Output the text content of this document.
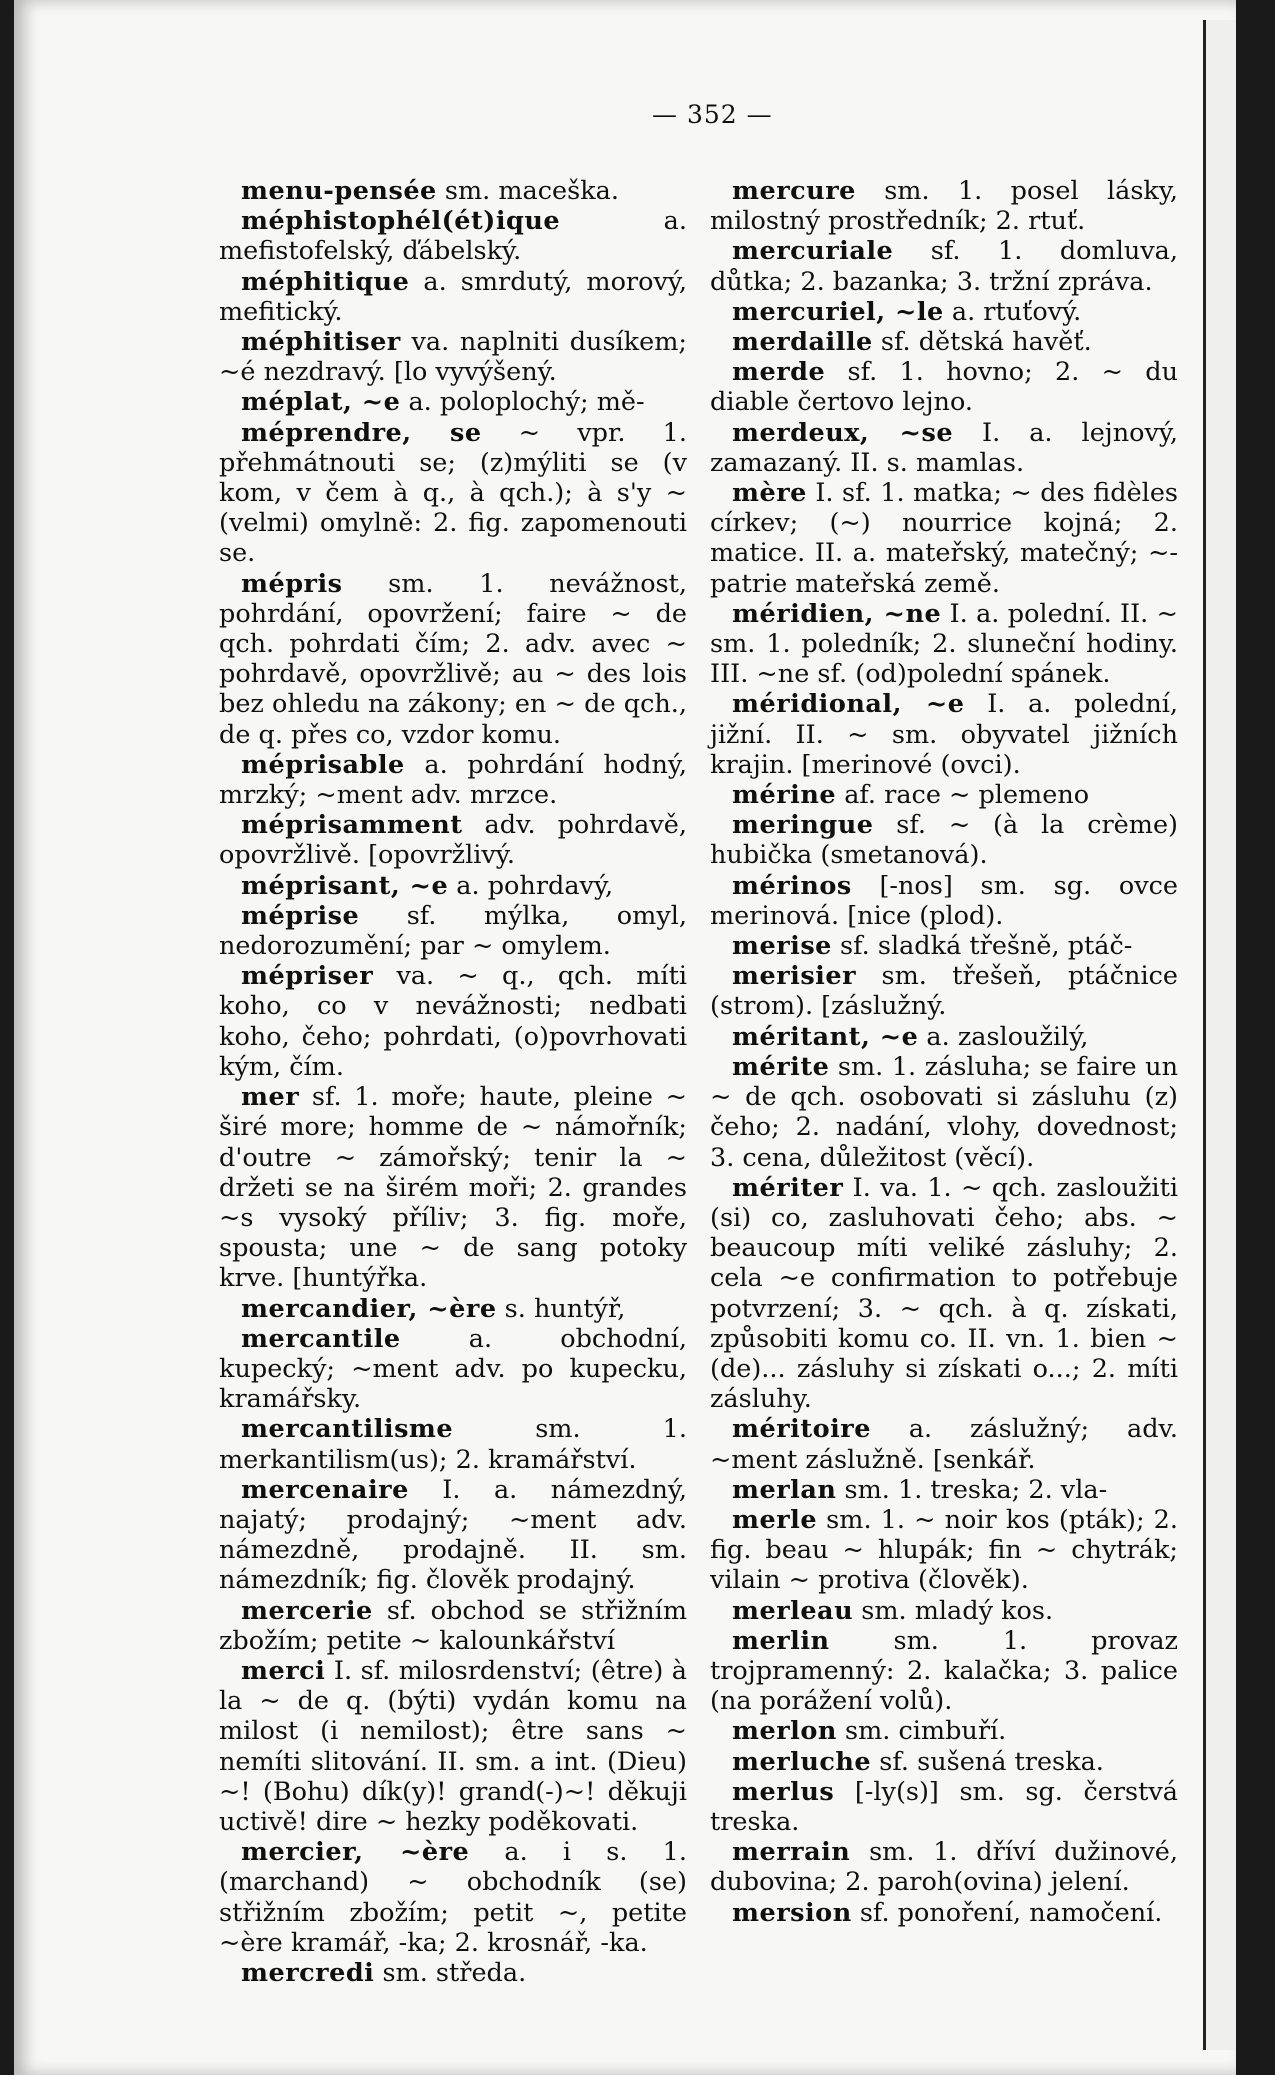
— 352 —

menu-pensée sm. maceška.

méphistophél(ét)ique a. mefistofelský, ďábelský.

méphitique a. smrdutý, morový, mefitický.

méphitiser va. naplniti dusíkem; ~é nezdravý. [lo vyvýšený.

méplat, ~e a. poloplochý; mě-

méprendre, se ~ vpr. 1. přehmátnouti se; (z)mýliti se (v kom, v čem à q., à qch.); à s'y ~ (velmi) omylně: 2. fig. zapomenouti se.

mépris sm. 1. nevážnost, pohrdání, opovržení; faire ~ de qch. pohrdati čím; 2. adv. avec ~ pohrdavě, opovržlivě; au ~ des lois bez ohledu na zákony; en ~ de qch., de q. přes co, vzdor komu.

méprisable a. pohrdání hodný, mrzký; ~ment adv. mrzce.

méprisamment adv. pohrdavě, opovržlivě. [opovržlivý.

méprisant, ~e a. pohrdavý,

méprise sf. mýlka, omyl, nedorozumění; par ~ omylem.

mépriser va. ~ q., qch. míti koho, co v nevážnosti; nedbati koho, čeho; pohrdati, (o)povrhovati kým, čím.

mer sf. 1. moře; haute, pleine ~ širé more; homme de ~ námořník; d'outre ~ zámořský; tenir la ~ držeti se na širém moři; 2. grandes ~s vysoký příliv; 3. fig. moře, spousta; une ~ de sang potoky krve. [huntýřka.

mercandier, ~ère s. huntýř,

mercantile a. obchodní, kupecký; ~ment adv. po kupecku, kramářsky.

mercantilisme sm. 1. merkantilism(us); 2. kramářství.

mercenaire I. a. námezdný, najatý; prodajný; ~ment adv. námezdně, prodajně. II. sm. námezdník; fig. člověk prodajný.

mercerie sf. obchod se střižním zbožím; petite ~ kalounkářství

merci I. sf. milosrdenství; (être) à la ~ de q. (býti) vydán komu na milost (i nemilost); être sans ~ nemíti slitování. II. sm. a int. (Dieu) ~! (Bohu) dík(y)! grand(-)~! děkuji uctivě! dire ~ hezky poděkovati.

mercier, ~ère a. i s. 1. (marchand) ~ obchodník (se) střižním zbožím; petit ~, petite ~ère kramář, -ka; 2. krosnář, -ka.

mercredi sm. středa.

mercure sm. 1. posel lásky, milostný prostředník; 2. rtuť.

mercuriale sf. 1. domluva, důtka; 2. bazanka; 3. tržní zpráva.

mercuriel, ~le a. rtuťový.

merdaille sf. dětská havěť.

merde sf. 1. hovno; 2. ~ du diable čertovo lejno.

merdeux, ~se I. a. lejnový, zamazaný. II. s. mamlas.

mère I. sf. 1. matka; ~ des fidèles církev; (~) nourrice kojná; 2. matice. II. a. mateřský, matečný; ~-patrie mateřská země.

méridien, ~ne I. a. polední. II. ~ sm. 1. poledník; 2. sluneční hodiny. III. ~ne sf. (od)polední spánek.

méridional, ~e I. a. polední, jižní. II. ~ sm. obyvatel jižních krajin. [merinové (ovci).

mérine af. race ~ plemeno

meringue sf. ~ (à la crème) hubička (smetanová).

mérinos [-nos] sm. sg. ovce merinová. [nice (plod).

merise sf. sladká třešně, ptáč-

merisier sm. třešeň, ptáčnice (strom). [záslužný.

méritant, ~e a. zasloužilý,

mérite sm. 1. zásluha; se faire un ~ de qch. osobovati si zásluhu (z) čeho; 2. nadání, vlohy, dovednost; 3. cena, důležitost (věcí).

mériter I. va. 1. ~ qch. zasloužiti (si) co, zasluhovati čeho; abs. ~ beaucoup míti veliké zásluhy; 2. cela ~e confirmation to potřebuje potvrzení; 3. ~ qch. à q. získati, způsobiti komu co. II. vn. 1. bien ~ (de)... zásluhy si získati o...; 2. míti zásluhy.

méritoire a. záslužný; adv. ~ment záslužně. [senkář.

merlan sm. 1. treska; 2. vla-

merle sm. 1. ~ noir kos (pták); 2. fig. beau ~ hlupák; fin ~ chytrák; vilain ~ protiva (člověk).

merleau sm. mladý kos.

merlin sm. 1. provaz trojpramenný: 2. kalačka; 3. palice (na porážení volů).

merlon sm. cimbuří.

merluche sf. sušená treska.

merlus [-ly(s)] sm. sg. čerstvá treska.

merrain sm. 1. dříví dužinové, dubovina; 2. paroh(ovina) jelení.

mersion sf. ponoření, namočení.
